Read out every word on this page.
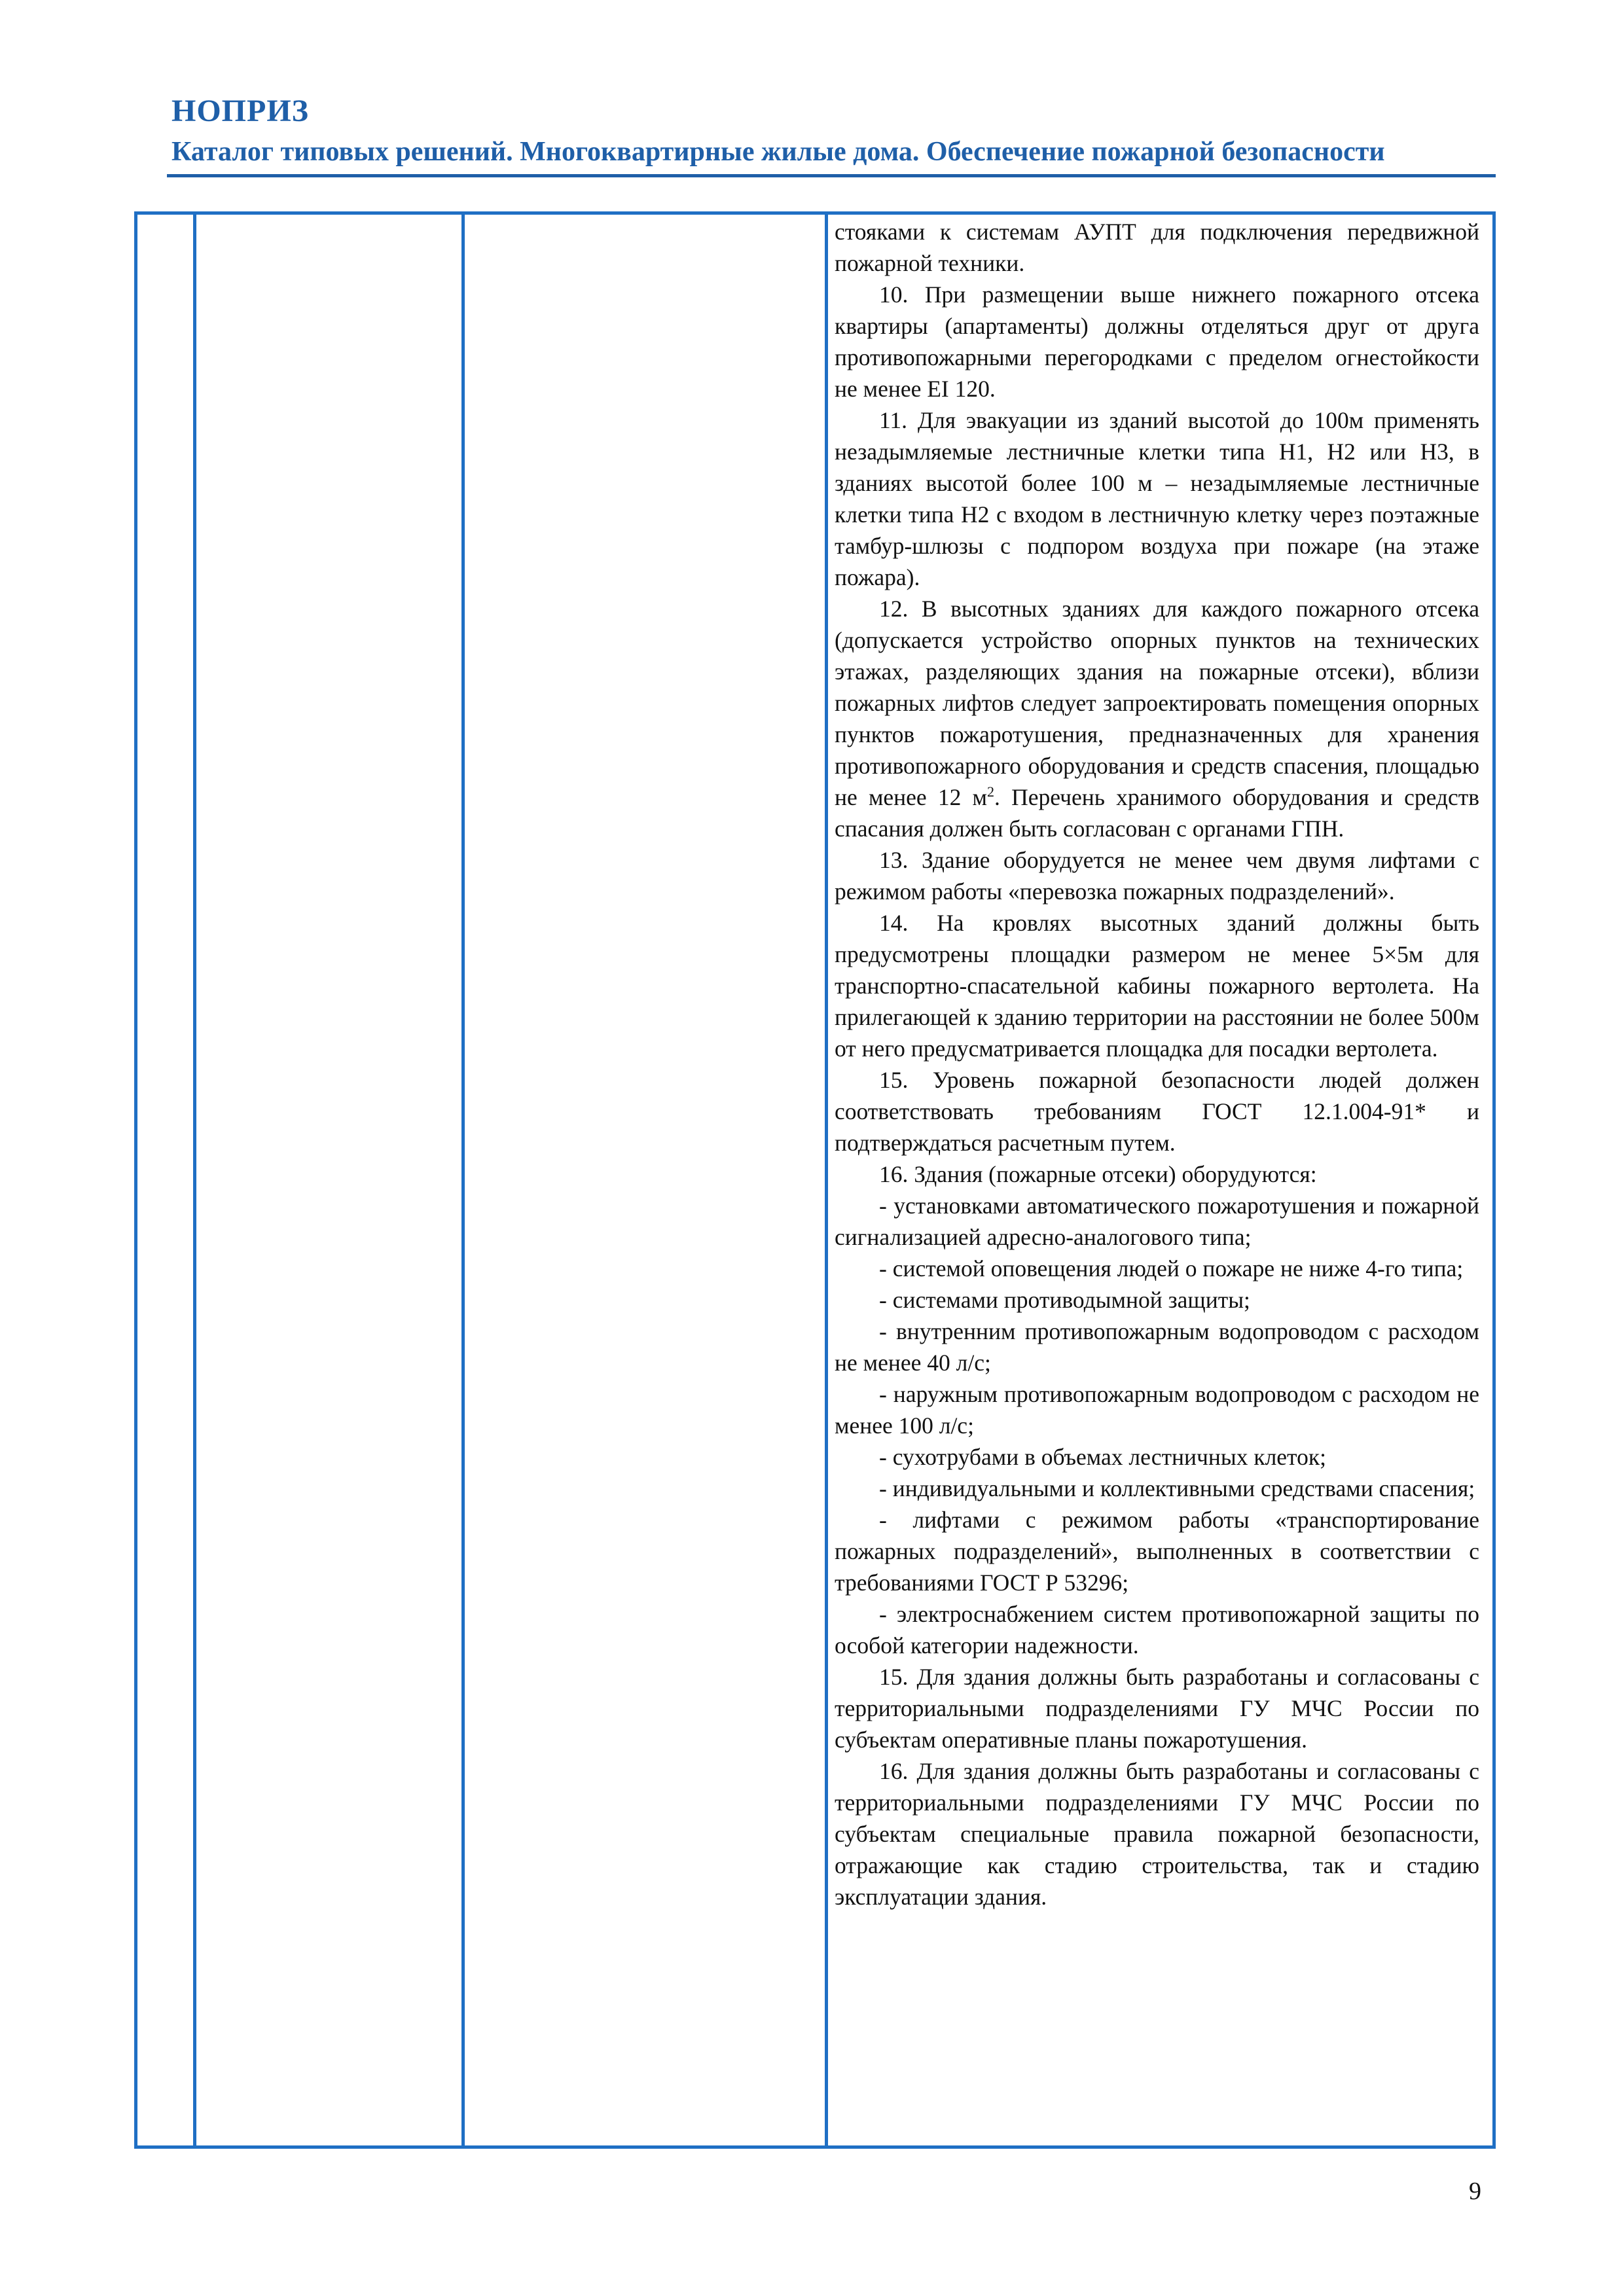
НОПРИЗ
Каталог типовых решений. Многоквартирные жилые дома. Обеспечение пожарной безопасности

стояками к системам АУПТ для подключения передвижной пожарной техники.

10. При размещении выше нижнего пожарного отсека квартиры (апартаменты) должны отделяться друг от друга противопожарными перегородками с пределом огнестойкости не менее EI 120.

11. Для эвакуации из зданий высотой до 100м применять незадымляемые лестничные клетки типа Н1, Н2 или Н3, в зданиях высотой более 100 м – незадымляемые лестничные клетки типа Н2 с входом в лестничную клетку через поэтажные тамбур-шлюзы с подпором воздуха при пожаре (на этаже пожара).

12. В высотных зданиях для каждого пожарного отсека (допускается устройство опорных пунктов на технических этажах, разделяющих здания на пожарные отсеки), вблизи пожарных лифтов следует запроектировать помещения опорных пунктов пожаротушения, предназначенных для хранения противопожарного оборудования и средств спасения, площадью не менее 12 $м^2$. Перечень хранимого оборудования и средств спасания должен быть согласован с органами ГПН.

13. Здание оборудуется не менее чем двумя лифтами с режимом работы «перевозка пожарных подразделений».

14. На кровлях высотных зданий должны быть предусмотрены площадки размером не менее 5×5м для транспортно-спасательной кабины пожарного вертолета. На прилегающей к зданию территории на расстоянии не более 500м от него предусматривается площадка для посадки вертолета.

15. Уровень пожарной безопасности людей должен соответствовать требованиям ГОСТ 12.1.004-91* и подтверждаться расчетным путем.

16. Здания (пожарные отсеки) оборудуются:

- установками автоматического пожаротушения и пожарной сигнализацией адресно-аналогового типа;

- системой оповещения людей о пожаре не ниже 4-го типа;

- системами противодымной защиты;

- внутренним противопожарным водопроводом с расходом не менее 40 л/с;

- наружным противопожарным водопроводом с расходом не менее 100 л/с;

- сухотрубами в объемах лестничных клеток;

- индивидуальными и коллективными средствами спасения;

- лифтами с режимом работы «транспортирование пожарных подразделений», выполненных в соответствии с требованиями ГОСТ Р 53296;

- электроснабжением систем противопожарной защиты по особой категории надежности.

15. Для здания должны быть разработаны и согласованы с территориальными подразделениями ГУ МЧС России по субъектам оперативные планы пожаротушения.

16. Для здания должны быть разработаны и согласованы с территориальными подразделениями ГУ МЧС России по субъектам специальные правила пожарной безопасности, отражающие как стадию строительства, так и стадию эксплуатации здания.

9
